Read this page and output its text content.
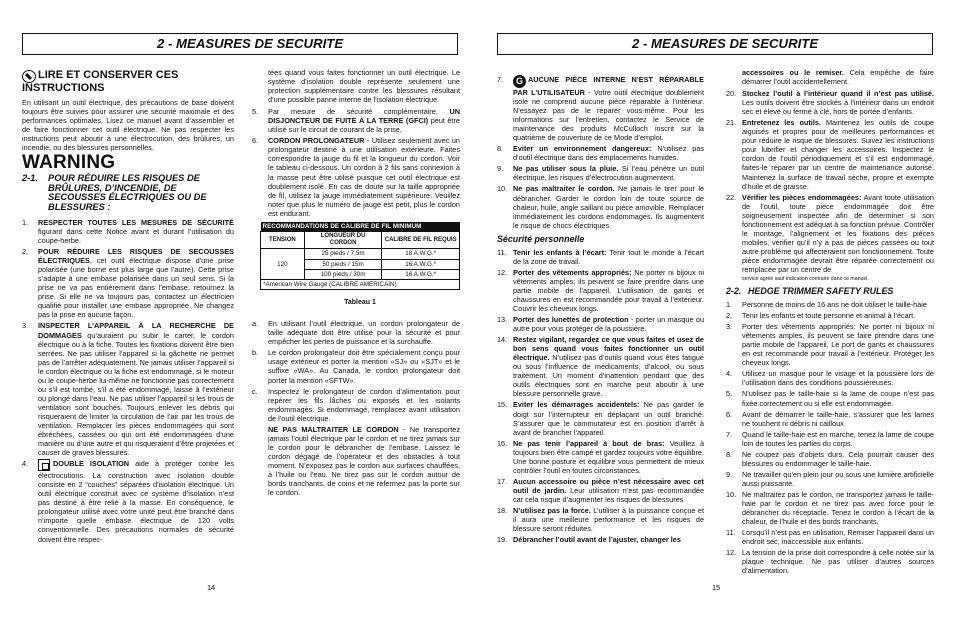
2 - MEASURES DE SECURITE	2 - MEASURES DE SECURITE
LIRE ET CONSERVER CES INSTRUCTIONS

En utilisant un outil électrique, des précautions de base doivent toujours être suivies pour assurer une sécurité maximale et des performances optimales. Lisez ce manuel avant d’assembler et de faire fonctionner cet outil électrique. Ne pas respecter les instructions peut aboutir à une électrocution, des brûlures, un incendie, ou des blessures personnelles.

WARNING
2-1.	POUR RÉDUIRE LES RISQUES DE BRÛLURES, D’INCENDIE, DE SECOUSSES ÉLECTRIQUES OU DE BLESSURES :
1. RESPECTER TOUTES LES MESURES DE SÉCURITÉ figurant dans cette Notice avant et durant l’utilisation du coupe-herbe.
2. POUR RÉDUIRE LES RISQUES DE SECOUSSES ÉLECTRIQUES, cet outil électrique dispose d’une prise polarisée (une borne est plus large que l’autre). Cette prise s’adapte à une embase polarisée dans un seul sens. Si la prise ne va pas entièrement dans l’embase, retournez la prise. Si elle ne va toujours pas, contactez un électricien qualifié pour installer une embase appropriée. Ne changez pas la prise en aucune façon.
3. INSPECTER L’APPAREIL À LA RECHERCHE DE DOMMAGES qu’auraient pu subir le carter, le cordon électrique ou à la fiche. Toutes les fixations doivent être bien serrées. Ne pas utiliser l’appareil si la gâchette ne permet pas de l’arrêter adéquatement. Ne jamais utiliser l’appareil si le cordon électrique ou la fiche est endommagé, si le moteur ou le coupe-herbe lui-même ne fonctionne pas correctement ou s’il est tombé, s’il a été endommagé, laissé à l’extérieur ou plongé dans l’eau. Ne pas utiliser l’appareil si les trous de ventilation sont bouchés. Toujours enlever les débris qui risqueraient de limiter la circulation de l’air par les trous de ventilation. Remplacer les pièces endommagées qui sont ébréchées, cassées ou qui ont été endommagées d’une manière ou d’une autre et qui risqueraient d’être projetées et causer de graves blessures.
4.	DOUBLE ISOLATION aide à protéger contre les électrocutions. La construction avec isolation double consiste en 2 “couches” séparées d’isolation électrique. Un outil électrique construit avec ce système d’isolation n’est pas destiné à être relié à la masse. En conséquence, le prolongateur utilisé avec votre unité peut être branché dans n’importe quelle embase électrique de 120 volts conventionnelle. Des précautions normales de sécurité doivent être respec-
14

tées quand vous faites fonctionner un outil électrique. Le système d’isolation double représente seulement une protection supplémentaire contre les blessures résultant d’une possible panne interne de l’isolation électrique.

5. Par mesure de sécurité complémentaire, UN DISJONCTEUR DE FUITE À LA TERRE (GFCI) peut être utilisé sur le circuit de courant de la prise.
6. CORDON PROLONGATEUR - Utilisez seulement avec un prolongateur destiné à une utilisation extérieure. Faites correspondre la jauge du fil et la longueur du cordon. Voir le tableau ci-dessous. Un cordon à 2 fils sans connexion à la masse peut être utilisé puisque cet outil électrique est doublement isolé. En cas de doute sur la taille appropriée de fil, utilisez la jauge immédiatement supérieure. Veuillez noter que plus le numéro de jauge est petit, plus le cordon est endurant.
RECOMMANDATIONS DE CALIBRE DE FIL MINIMUM		
TENSION	LONGUEUR DU CORDON	CALIBRE DE FIL REQUIS
120	25 pieds / 7,5m	18 A.W.G.*
	50 pieds / 15m	16 A.W.G.*
	100 pieds / 30m	16 A.W.G.*
*American Wire Gauge (CALIBRE AMERICAIN)		
Tableau 1
a. En utilisant l’outil électrique, un cordon prolongateur de taille adéquate doit être utilisé pour la sécurité et pour empêcher les pertes de puissance et la surchauffe.
b. Le cordon prolongateur doit être spécialement conçu pour usage extérieur et porter la mention «SJ» ou «SJT» et le suffixe «WA». Au Canada, le cordon prolongateur doit porter la mention «SFTW».
c. Inspectez le prolongateur de cordon d’alimentation pour repérer les fils lâches ou exposés et les isolants endommagés. Si endommagé, remplacez avant utilisation de l’outil électrique.

NE PAS MALTRAITER LE CORDON - Ne transportez jamais l’outil électrique par le cordon et ne tirez jamais sur le cordon pour le débrancher de l’embase. Laissez le cordon dégagé de l’opérateur et des obstacles à tout moment. N’exposez pas le cordon aux surfaces chauffées, à l’huile ou l’eau. Ne tirez pas sur le cordon autour de bords tranchants, de coins et ne refermez pas la porte sur le cordon.

7. G AUCUNE PIÈCE INTERNE N’EST RÉPARABLE PAR L’UTILISATEUR - Votre outil électrique doublement isolé ne comprend aucune pièce réparable à l’intérieur. N’essayez pas de le réparer vous-même. Pour les informations sur l’entretien, contactez le Service de maintenance des produits McCulloch inscrit sur la quatrième de couverture de ce Mode d’emploi.
8. Eviter un environnement dangereux: N’utilisez pas d’outil électrique dans des emplacements humides.
9. Ne pas utiliser sous la pluie. Si l’eau pénètre un outil électrique, les risques d’électrocution augmentent.
10. Ne pas maltraiter le cordon. Ne jamais le tirer pour le débrancher. Garder le cordon loin de toute source de chaleur, huile, angle saillant ou pièce amovible. Remplacer immédiatement les cordons endommagés. Ils augmentent le risque de chocs électriques.
Sécurité personnelle
11. Tenir les enfants à l’écart: Tenir tout le monde à l’écart de la zone de travail.
12. Porter des vêtements appropriés: Ne porter ni bijoux ni vêtements amples; ils peuvent se faire prendre dans une partie mobile de l’appareil. L’utilisation de gants et chaussures en est recommandée pour travail à l’extérieur. Couvrir les cheveux longs.
13. Porter des lunettes de protection - porter un masque ou autre pour vous protéger de la poussière.
14. Restez vigilant, regardez ce que vous faites et usez de bon sens quand vous faites fonctionner un outil électrique. N’utilisez pas d’outils quand vous êtes fatigué ou sous l’influence de médicaments, d’alcool, ou sous traitement. Un moment d’inattention pendant que des outils électriques sont en marche peut aboutir à une blessure personnelle grave.
15. Eviter les démarrages accidentels: Ne pas garder le doigt sur l’interrupteur en déplaçant un outil branché. S’assurer que le commutateur est en position d’arrêt à avant de brancher l’appareil.
16. Ne pas tenir l’appareil à bout de bras: Veuillez à toujours bien être campé et gardez toujours votre équilibre. Une bonne posture et équilibre vous permettent de mieux contrôler l’outil en toutes circonstances.
17. Aucun accessoire ou pièce n’est nécessaire avec cet outil de jardin. Leur utilisation n’est pas recommandée car cela risque d’augmenter les risques de blessures
18. N’utilisez pas la force. L’utiliser à la puissance conçue et il aura une meilleure performance et les risques de blessure seront réduites.
19. Débrancher l’outil avant de l’ajuster, changer les

accessoires ou le remiser. Cela empêche de faire démarrer l’outil accidentellement.

20. Stockez l’outil à l’intérieur quand il n’est pas utilisé. Les outils doivent être stockés à l’intérieur dans un endroit sec et élevé ou fermé à clé, hors de portée d’enfants.
21. Entretenez les outils. Maintenez les outils de coupe aiguisés et propres pour de meilleures performances et pour réduire le risque de blessures. Suivez les instructions pour lubrifier et changer les accessoires. Inspectez le cordon de l’outil périodiquement et s’il est endommagé, faites-le réparer par un centre de maintenance autorisé. Maintenez la surface de travail sèche, propre et exempte d’huile et de graisse.
22. Vérifier les pièces endommagées: Avant toute utilisation de l’outil, toute pièce endommagée doit être soigneusement inspectée afin de déterminer si son fonctionnement est adéquat à sa fonction prévue. Contrôler le montage, l’alignement et les fixations des pièces mobiles, vérifier qu’il n’y a pas de pièces cassées ou tout autre problème qui affecteraient son fonctionnement. Toute pièce endommagée devrait être réparée correctement ou remplacée par un centre de

service agréé sauf indication contraire dans ce manuel.

2-2. HEDGE TRIMMER SAFETY RULES
1. Personne de moins de 16 ans ne doit utiliser le taille-haie
2. Tenir les enfants et toute personne et animal à l’écart.
3. Porter des vêtements appropriés: Ne porter ni bijoux ni vêtements amples, ils peuvent se faire prendre dans une partie mobile de l’appareil. Le port de gants et chaussures en est recommandé pour travail à l’extérieur. Protéger les cheveux longs.
4. Utilisez un masque pour le visage et la poussière lors de l’utilisation dans des conditions poussiéreuses.
5. N’utilisez pas le taille-haie si la lame de coupe n’est pas fixée correctement ou si elle est endommagée.
6. Avant de démarrer le taille-haie, s’assurer que les lames ne touchent ni débris ni cailloux
7. Quand le taille-haie est en marche, tenez la lame de coupe loin de toutes les parties du corps.
8. Ne coupez pas d’objets durs. Cela pourrait causer des blessures ou endommager le taille-haie.
9. Ne travailler qu’en plein jour ou sous une lumière artificielle aussi puissante.
10. Ne maltraitez pas le cordon, ne transportez jamais le taille-haie par le cordon et ne tirez pas avec force pour le débrancher du réceptacle. Tenez le cordon à l’écart de la chaleur, de l’huile et des bords tranchants.
11. Lorsqu’il n’est pas en utilisation, Remiser l’appareil dans un endroit sec, inaccessible aux enfants.
12. La tension de la prise doit correspondre à celle notée sur la plaque technique. Ne pas utiliser d’autres sources d’alimentation.
15
